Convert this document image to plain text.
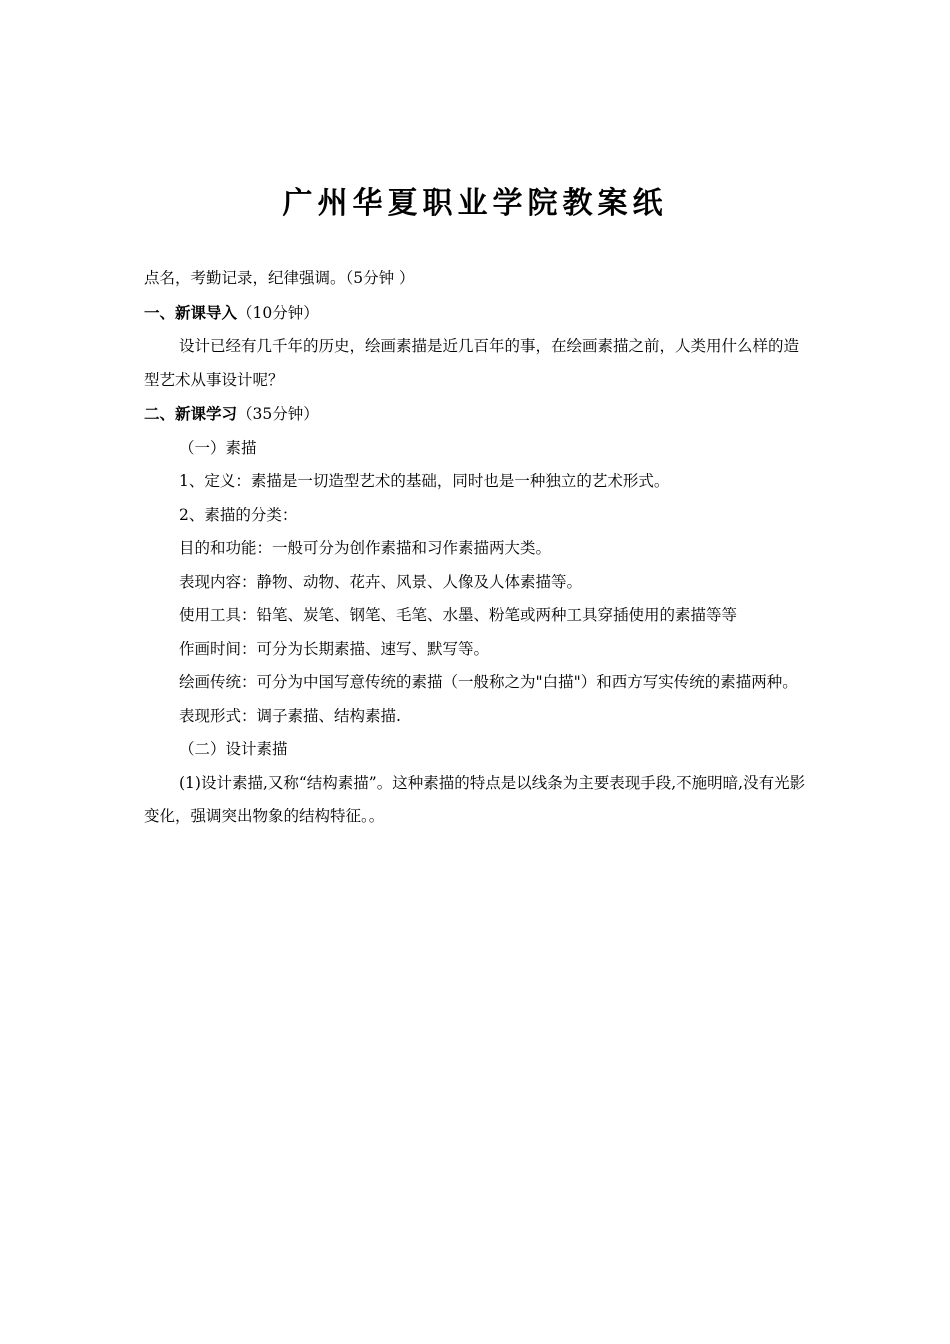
广州华夏职业学院教案纸

点名，考勤记录，纪律强调。（5分钟 ）

一、新课导入（10分钟）

设计已经有几千年的历史，绘画素描是近几百年的事，在绘画素描之前，人类用什么样的造型艺术从事设计呢？

二、新课学习（35分钟）

（一）素描

1、定义：素描是一切造型艺术的基础，同时也是一种独立的艺术形式。

2、素描的分类：

目的和功能：一般可分为创作素描和习作素描两大类。

表现内容：静物、动物、花卉、风景、人像及人体素描等。

使用工具：铅笔、炭笔、钢笔、毛笔、水墨、粉笔或两种工具穿插使用的素描等等

作画时间：可分为长期素描、速写、默写等。

绘画传统：可分为中国写意传统的素描（一般称之为"白描"）和西方写实传统的素描两种。

表现形式：调子素描、结构素描.

（二）设计素描

(1)设计素描,又称“结构素描”。这种素描的特点是以线条为主要表现手段,不施明暗,没有光影变化，强调突出物象的结构特征。。
